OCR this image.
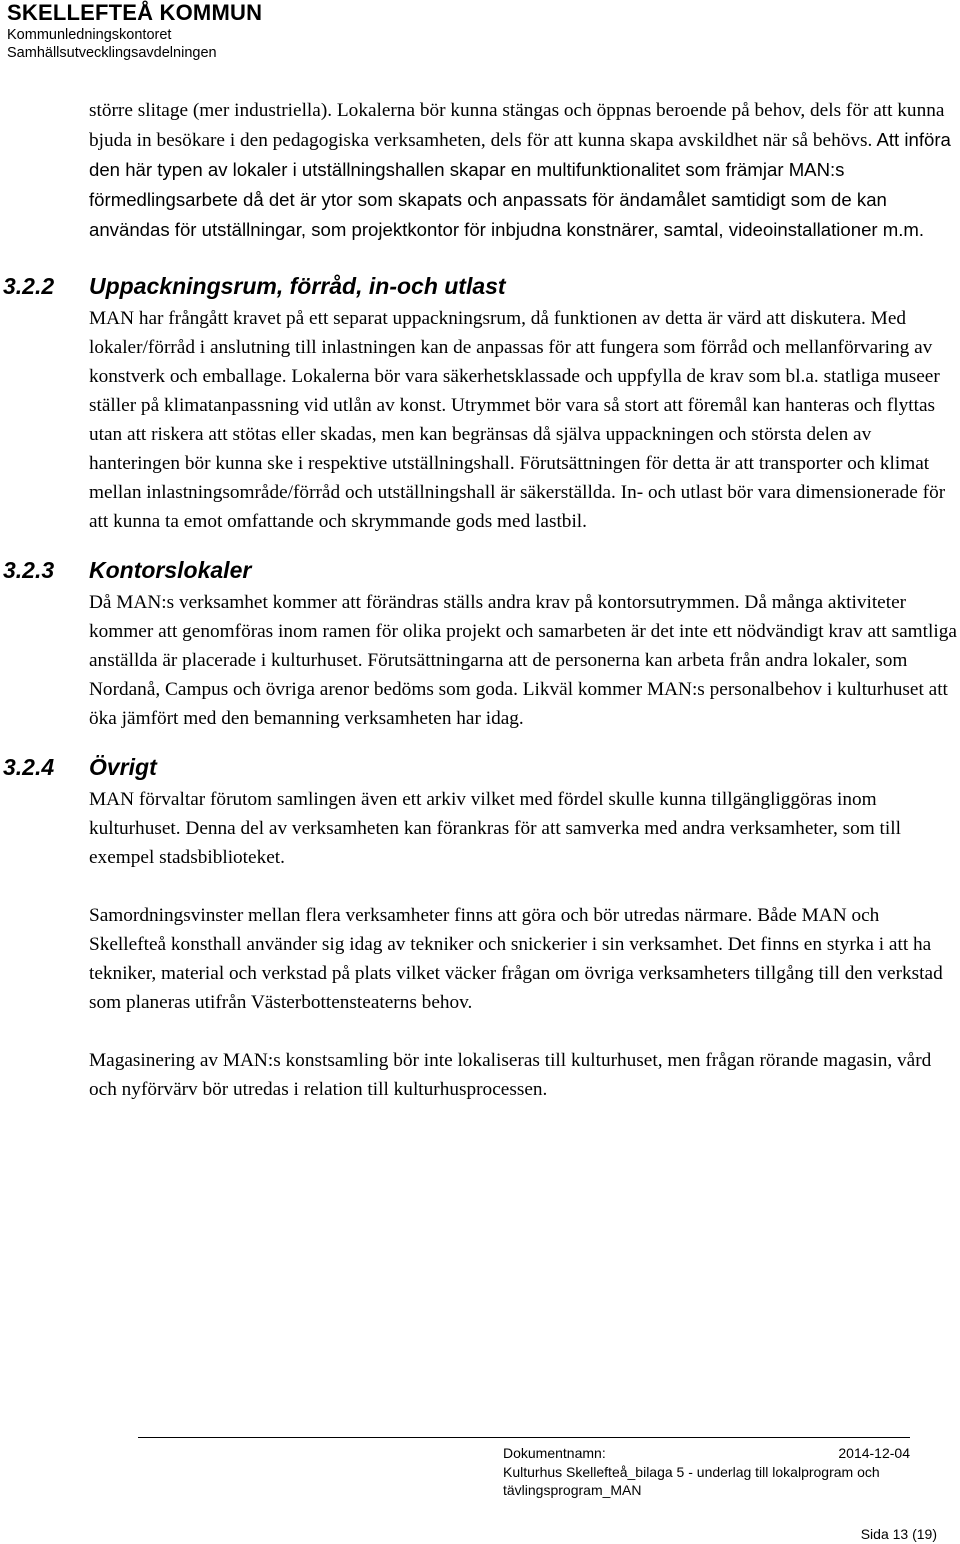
SKELLEFTEÅ KOMMUN
Kommunledningskontoret
Samhällsutvecklingsavdelningen

större slitage (mer industriella). Lokalerna bör kunna stängas och öppnas beroende på behov, dels för att kunna bjuda in besökare i den pedagogiska verksamheten, dels för att kunna skapa avskildhet när så behövs. Att införa den här typen av lokaler i utställningshallen skapar en multifunktionalitet som främjar MAN:s förmedlingsarbete då det är ytor som skapats och anpassats för ändamålet samtidigt som de kan användas för utställningar, som projektkontor för inbjudna konstnärer, samtal, videoinstallationer m.m.

3.2.2 Uppackningsrum, förråd, in-och utlast

MAN har frångått kravet på ett separat uppackningsrum, då funktionen av detta är värd att diskutera. Med lokaler/förråd i anslutning till inlastningen kan de anpassas för att fungera som förråd och mellanförvaring av konstverk och emballage. Lokalerna bör vara säkerhetsklassade och uppfylla de krav som bl.a. statliga museer ställer på klimatanpassning vid utlån av konst. Utrymmet bör vara så stort att föremål kan hanteras och flyttas utan att riskera att stötas eller skadas, men kan begränsas då själva uppackningen och största delen av hanteringen bör kunna ske i respektive utställningshall. Förutsättningen för detta är att transporter och klimat mellan inlastningsområde/förråd och utställningshall är säkerställda. In- och utlast bör vara dimensionerade för att kunna ta emot omfattande och skrymmande gods med lastbil.

3.2.3 Kontorslokaler

Då MAN:s verksamhet kommer att förändras ställs andra krav på kontorsutrymmen. Då många aktiviteter kommer att genomföras inom ramen för olika projekt och samarbeten är det inte ett nödvändigt krav att samtliga anställda är placerade i kulturhuset. Förutsättningarna att de personerna kan arbeta från andra lokaler, som Nordanå, Campus och övriga arenor bedöms som goda. Likväl kommer MAN:s personalbehov i kulturhuset att öka jämfört med den bemanning verksamheten har idag.

3.2.4 Övrigt

MAN förvaltar förutom samlingen även ett arkiv vilket med fördel skulle kunna tillgängliggöras inom kulturhuset. Denna del av verksamheten kan förankras för att samverka med andra verksamheter, som till exempel stadsbiblioteket.

Samordningsvinster mellan flera verksamheter finns att göra och bör utredas närmare. Både MAN och Skellefteå konsthall använder sig idag av tekniker och snickerier i sin verksamhet. Det finns en styrka i att ha tekniker, material och verkstad på plats vilket väcker frågan om övriga verksamheters tillgång till den verkstad som planeras utifrån Västerbottensteaterns behov.

Magasinering av MAN:s konstsamling bör inte lokaliseras till kulturhuset, men frågan rörande magasin, vård och nyförvärv bör utredas i relation till kulturhusprocessen.

Dokumentnamn:	2014-12-04
Kulturhus Skellefteå_bilaga 5 - underlag till lokalprogram och tävlingsprogram_MAN
Sida 13 (19)
